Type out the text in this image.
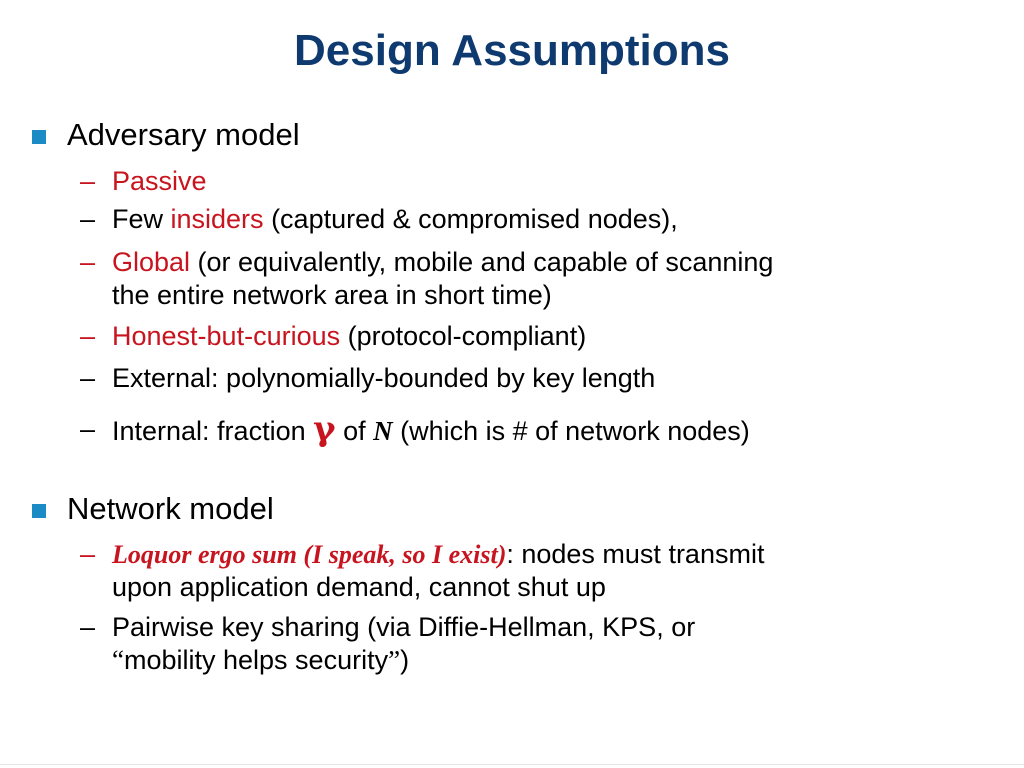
Design Assumptions
Adversary model
– Passive
– Few insiders (captured & compromised nodes),
– Global (or equivalently, mobile and capable of scanning
the entire network area in short time)
– Honest-but-curious (protocol-compliant)
– External: polynomially-bounded by key length
– Internal: fraction γ of N (which is # of network nodes)
Network model
– Loquor ergo sum (I speak, so I exist): nodes must transmit
upon application demand, cannot shut up
– Pairwise key sharing (via Diffie-Hellman, KPS, or
“mobility helps security”)
